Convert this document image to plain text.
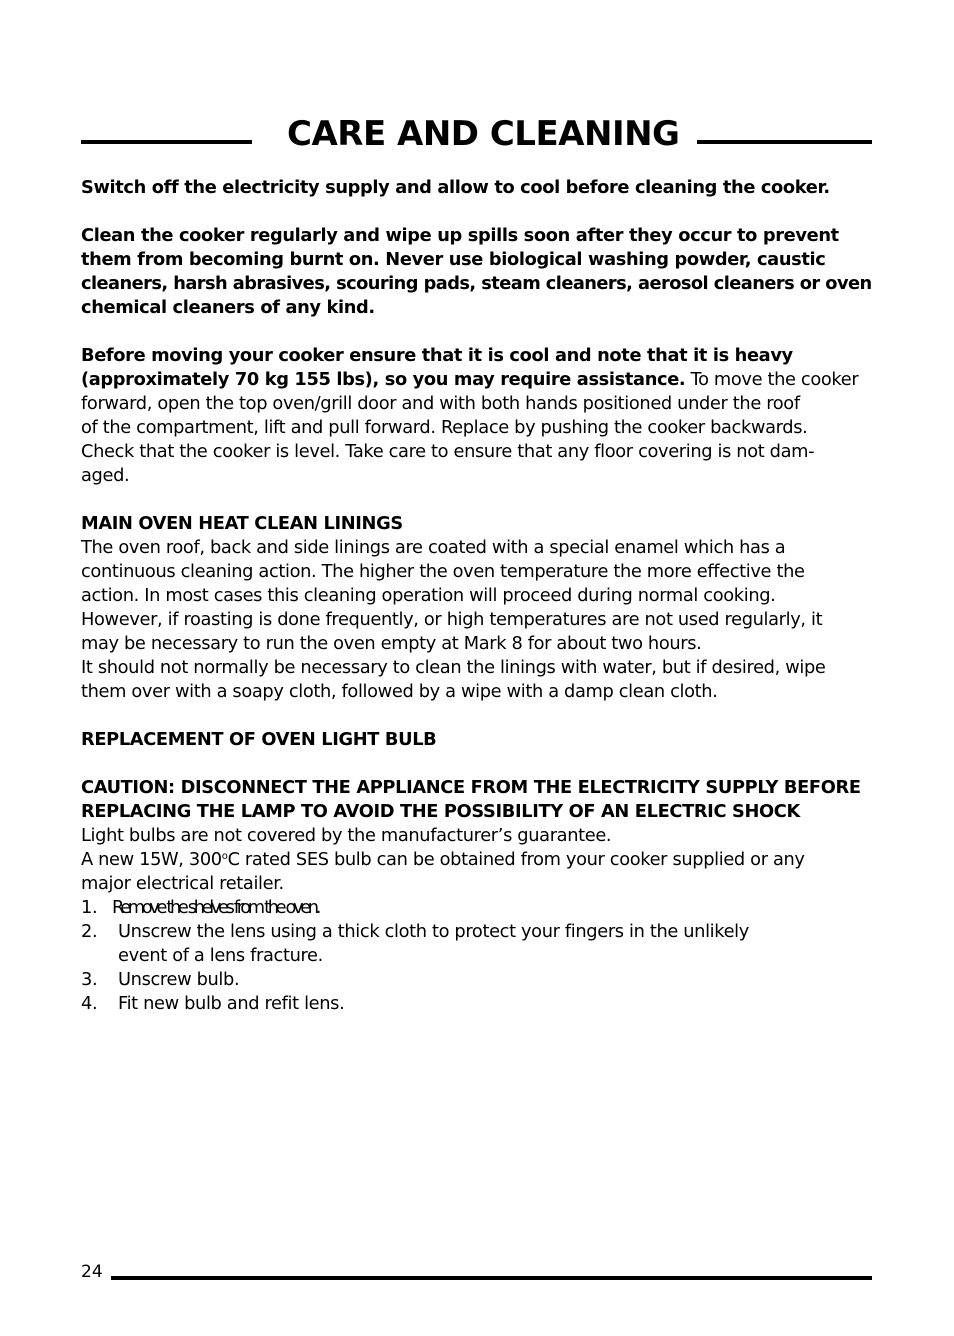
CARE AND CLEANING

Switch off the electricity supply and allow to cool before cleaning the cooker.

Clean the cooker regularly and wipe up spills soon after they occur to prevent

them from becoming burnt on. Never use biological washing powder, caustic

cleaners, harsh abrasives, scouring pads, steam cleaners, aerosol cleaners or oven

chemical cleaners of any kind.

Before moving your cooker ensure that it is cool and note that it is heavy

(approximately 70 kg 155 lbs), so you may require assistance. To move the cooker

forward, open the top oven/grill door and with both hands positioned under the roof

of the compartment, lift and pull forward. Replace by pushing the cooker backwards.

Check that the cooker is level. Take care to ensure that any floor covering is not dam-

aged.

MAIN OVEN HEAT CLEAN LININGS

The oven roof, back and side linings are coated with a special enamel which has a

continuous cleaning action. The higher the oven temperature the more effective the

action. In most cases this cleaning operation will proceed during normal cooking.

However, if roasting is done frequently, or high temperatures are not used regularly, it

may be necessary to run the oven empty at Mark 8 for about two hours.

It should not normally be necessary to clean the linings with water, but if desired, wipe

them over with a soapy cloth, followed by a wipe with a damp clean cloth.

REPLACEMENT OF OVEN LIGHT BULB

CAUTION: DISCONNECT THE APPLIANCE FROM THE ELECTRICITY SUPPLY BEFORE

REPLACING THE LAMP TO AVOID THE POSSIBILITY OF AN ELECTRIC SHOCK

Light bulbs are not covered by the manufacturer’s guarantee.

A new 15W, 300$^o$C rated SES bulb can be obtained from your cooker supplied or any

major electrical retailer.

1. Remove the shelves from the oven.
2. Unscrew the lens using a thick cloth to protect your fingers in the unlikely

event of a lens fracture.

3. Unscrew bulb.
4. Fit new bulb and refit lens.
24
